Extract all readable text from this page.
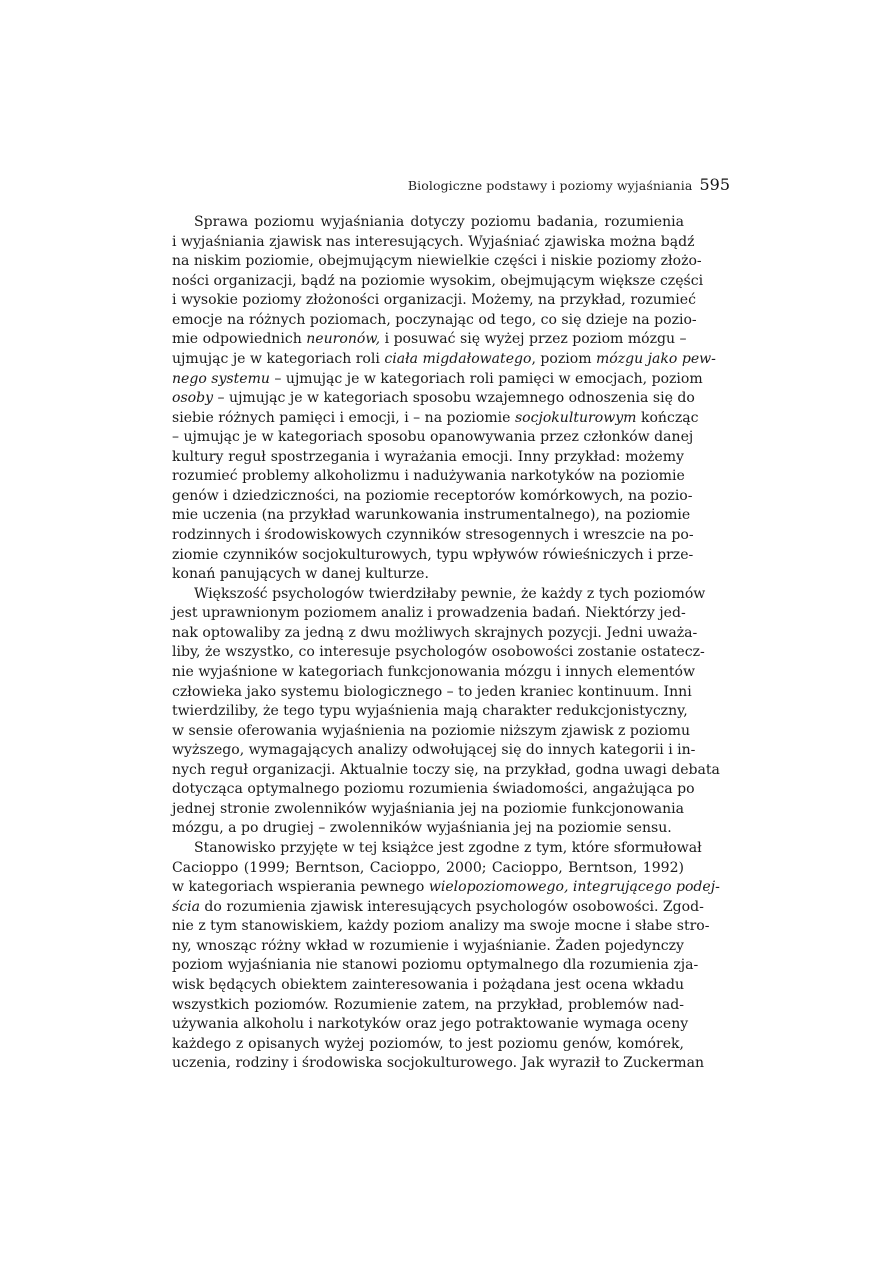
Biologiczne podstawy i poziomy wyjaśniania 595
Sprawa poziomu wyjaśniania dotyczy poziomu badania, rozumienia
i wyjaśniania zjawisk nas interesujących. Wyjaśniać zjawiska można bądź
na niskim poziomie, obejmującym niewielkie części i niskie poziomy złożo-
ności organizacji, bądź na poziomie wysokim, obejmującym większe części
i wysokie poziomy złożoności organizacji. Możemy, na przykład, rozumieć
emocje na różnych poziomach, poczynając od tego, co się dzieje na pozio-
mie odpowiednich neuronów, i posuwać się wyżej przez poziom mózgu –
ujmując je w kategoriach roli ciała migdałowatego, poziom mózgu jako pew-
nego systemu – ujmując je w kategoriach roli pamięci w emocjach, poziom
osoby – ujmując je w kategoriach sposobu wzajemnego odnoszenia się do
siebie różnych pamięci i emocji, i – na poziomie socjokulturowym kończąc
– ujmując je w kategoriach sposobu opanowywania przez członków danej
kultury reguł spostrzegania i wyrażania emocji. Inny przykład: możemy
rozumieć problemy alkoholizmu i nadużywania narkotyków na poziomie
genów i dziedziczności, na poziomie receptorów komórkowych, na pozio-
mie uczenia (na przykład warunkowania instrumentalnego), na poziomie
rodzinnych i środowiskowych czynników stresogennych i wreszcie na po-
ziomie czynników socjokulturowych, typu wpływów rówieśniczych i prze-
konań panujących w danej kulturze.
Większość psychologów twierdziłaby pewnie, że każdy z tych poziomów
jest uprawnionym poziomem analiz i prowadzenia badań. Niektórzy jed-
nak optowaliby za jedną z dwu możliwych skrajnych pozycji. Jedni uważa-
liby, że wszystko, co interesuje psychologów osobowości zostanie ostatecz-
nie wyjaśnione w kategoriach funkcjonowania mózgu i innych elementów
człowieka jako systemu biologicznego – to jeden kraniec kontinuum. Inni
twierdziliby, że tego typu wyjaśnienia mają charakter redukcjonistyczny,
w sensie oferowania wyjaśnienia na poziomie niższym zjawisk z poziomu
wyższego, wymagających analizy odwołującej się do innych kategorii i in-
nych reguł organizacji. Aktualnie toczy się, na przykład, godna uwagi debata
dotycząca optymalnego poziomu rozumienia świadomości, angażująca po
jednej stronie zwolenników wyjaśniania jej na poziomie funkcjonowania
mózgu, a po drugiej – zwolenników wyjaśniania jej na poziomie sensu.
Stanowisko przyjęte w tej książce jest zgodne z tym, które sformułował
Cacioppo (1999; Berntson, Cacioppo, 2000; Cacioppo, Berntson, 1992)
w kategoriach wspierania pewnego wielopoziomowego, integrującego podej-
ścia do rozumienia zjawisk interesujących psychologów osobowości. Zgod-
nie z tym stanowiskiem, każdy poziom analizy ma swoje mocne i słabe stro-
ny, wnosząc różny wkład w rozumienie i wyjaśnianie. Żaden pojedynczy
poziom wyjaśniania nie stanowi poziomu optymalnego dla rozumienia zja-
wisk będących obiektem zainteresowania i pożądana jest ocena wkładu
wszystkich poziomów. Rozumienie zatem, na przykład, problemów nad-
używania alkoholu i narkotyków oraz jego potraktowanie wymaga oceny
każdego z opisanych wyżej poziomów, to jest poziomu genów, komórek,
uczenia, rodziny i środowiska socjokulturowego. Jak wyraził to Zuckerman
